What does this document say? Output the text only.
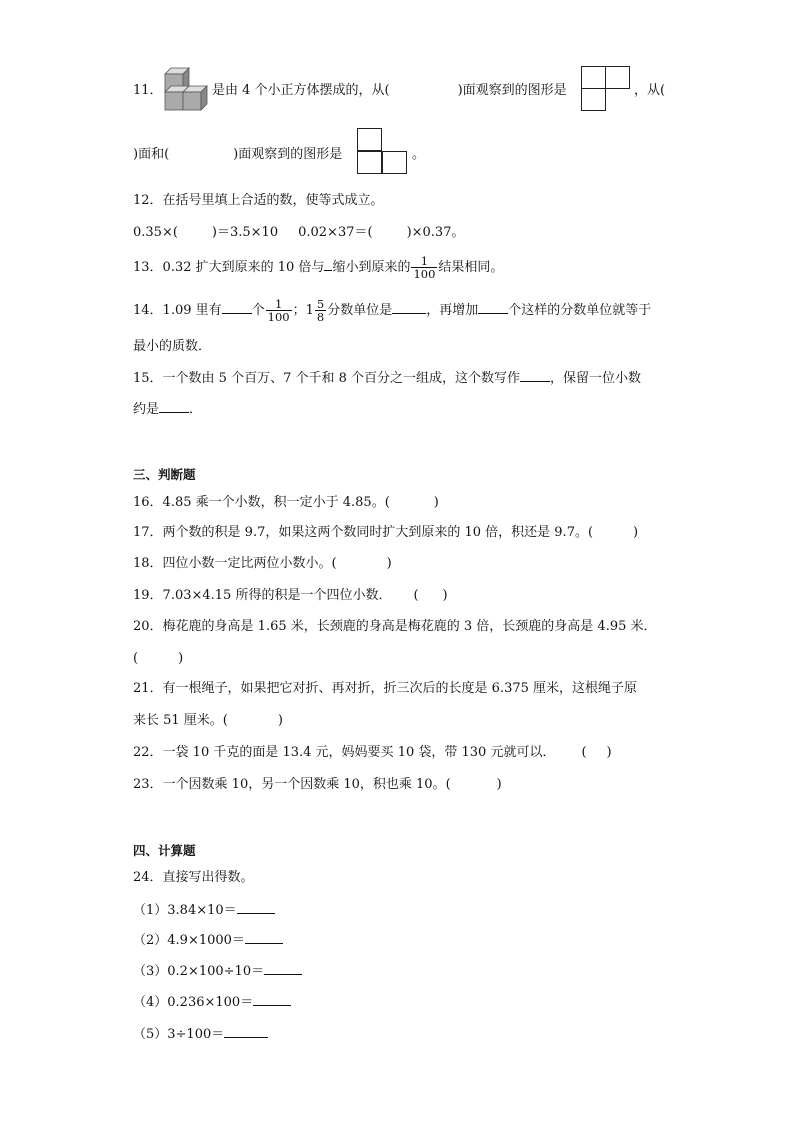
11．	是由 4 个小正方体摆成的，从(	)面观察到的图形是	，从(
)面和(	)面观察到的图形是	。
12．在括号里填上合适的数，使等式成立。
0.35×(	)＝3.5×10 0.02×37＝(	)×0.37。
13．0.32 扩大到原来的 10 倍与 缩小到原来的 $\frac{1}{100}$ 结果相同。
14．1.09 里有 个 $\frac{1}{100}$ ；$1 \frac{5}{8}$ 分数单位是	，再增加 个这样的分数单位就等于
最小的质数．
15．一个数由 5 个百万、7 个千和 8 个百分之一组成，这个数写作 ，保留一位小数
约是 ．
三、判断题
16．4.85 乘一个小数，积一定小于 4.85。(	)
17．两个数的积是 9.7，如果这两个数同时扩大到原来的 10 倍，积还是 9.7。(	)
18．四位小数一定比两位小数小。(	)
19．7.03×4.15 所得的积是一个四位小数． ( )
20．梅花鹿的身高是 1.65 米，长颈鹿的身高是梅花鹿的 3 倍，长颈鹿的身高是 4.95 米．
(	)
21．有一根绳子，如果把它对折、再对折，折三次后的长度是 6.375 厘米，这根绳子原
来长 51 厘米。(	)
22．一袋 10 千克的面是 13.4 元，妈妈要买 10 袋，带 130 元就可以． ( )
23．一个因数乘 10，另一个因数乘 10，积也乘 10。(	)
四、计算题
24．直接写出得数。
（1）3.84×10＝
（2）4.9×1000＝
（3）0.2×100÷10＝
（4）0.236×100＝
（5）3÷100＝
